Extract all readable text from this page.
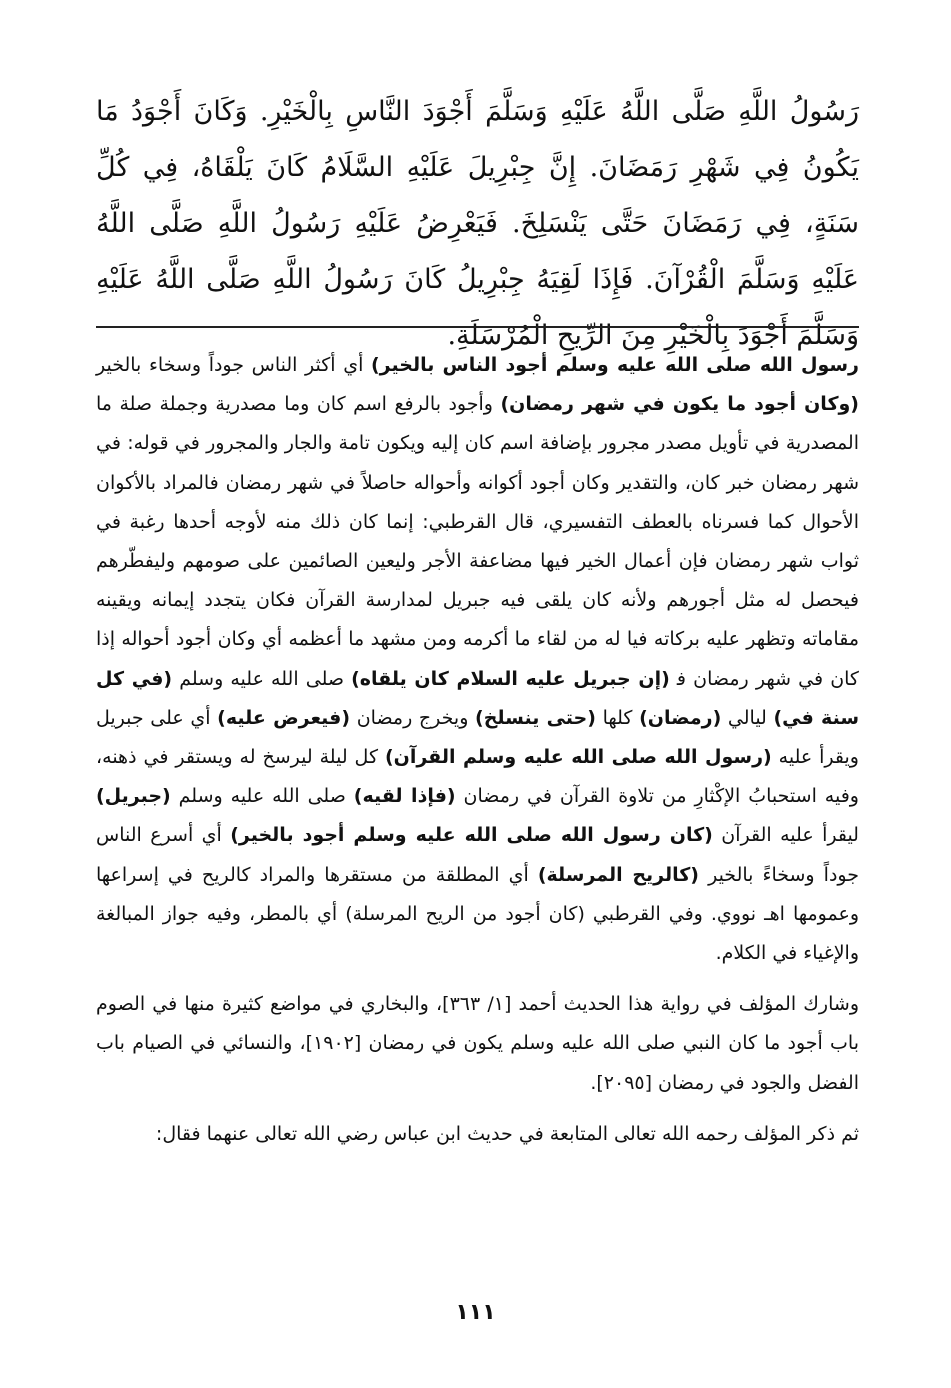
رَسُولُ اللَّهِ صَلَّى اللَّهُ عَلَيْهِ وَسَلَّمَ أَجْوَدَ النَّاسِ بِالْخَيْرِ. وَكَانَ أَجْوَدُ مَا يَكُونُ فِي شَهْرِ رَمَضَانَ. إِنَّ جِبْرِيلَ عَلَيْهِ السَّلَامُ كَانَ يَلْقَاهُ، فِي كُلِّ سَنَةٍ، فِي رَمَضَانَ حَتَّى يَنْسَلِخَ. فَيَعْرِضُ عَلَيْهِ رَسُولُ اللَّهِ صَلَّى اللَّهُ عَلَيْهِ وَسَلَّمَ الْقُرْآنَ. فَإِذَا لَقِيَهُ جِبْرِيلُ كَانَ رَسُولُ اللَّهِ صَلَّى اللَّهُ عَلَيْهِ وَسَلَّمَ أَجْوَدَ بِالْخَيْرِ مِنَ الرِّيحِ الْمُرْسَلَةِ.

رسول الله صلى الله عليه وسلم أجود الناس بالخير) أي أكثر الناس جوداً وسخاء بالخير (وكان أجود ما يكون في شهر رمضان) وأجود بالرفع اسم كان وما مصدرية وجملة صلة ما المصدرية في تأويل مصدر مجرور بإضافة اسم كان إليه ويكون تامة والجار والمجرور في قوله: في شهر رمضان خبر كان، والتقدير وكان أجود أكوانه وأحواله حاصلاً في شهر رمضان فالمراد بالأكوان الأحوال كما فسرناه بالعطف التفسيري، قال القرطبي: إنما كان ذلك منه لأوجه أحدها رغبة في ثواب شهر رمضان فإن أعمال الخير فيها مضاعفة الأجر وليعين الصائمين على صومهم وليفطّرهم فيحصل له مثل أجورهم ولأنه كان يلقى فيه جبريل لمدارسة القرآن فكان يتجدد إيمانه ويقينه مقاماته وتظهر عليه بركاته فيا له من لقاء ما أكرمه ومن مشهد ما أعظمه أي وكان أجود أحواله إذا كان في شهر رمضان ف‍ (إن جبريل عليه السلام كان يلقاه) صلى الله عليه وسلم (في كل سنة في) ليالي (رمضان) كلها (حتى ينسلخ) ويخرج رمضان (فيعرض عليه) أي على جبريل ويقرأ عليه (رسول الله صلى الله عليه وسلم القرآن) كل ليلة ليرسخ له ويستقر في ذهنه، وفيه استحبابُ الإكْثارِ من تلاوة القرآن في رمضان (فإذا لقيه) صلى الله عليه وسلم (جبريل) ليقرأ عليه القرآن (كان رسول الله صلى الله عليه وسلم أجود بالخير) أي أسرع الناس جوداً وسخاءً بالخير (كالريح المرسلة) أي المطلقة من مستقرها والمراد كالريح في إسراعها وعمومها اهـ نووي. وفي القرطبي (كان أجود من الريح المرسلة) أي بالمطر، وفيه جواز المبالغة والإغياء في الكلام.

وشارك المؤلف في رواية هذا الحديث أحمد [١/ ٣٦٣]، والبخاري في مواضع كثيرة منها في الصوم باب أجود ما كان النبي صلى الله عليه وسلم يكون في رمضان [١٩٠٢]، والنسائي في الصيام باب الفضل والجود في رمضان [٢٠٩٥].

ثم ذكر المؤلف رحمه الله تعالى المتابعة في حديث ابن عباس رضي الله تعالى عنهما فقال:

١١١
